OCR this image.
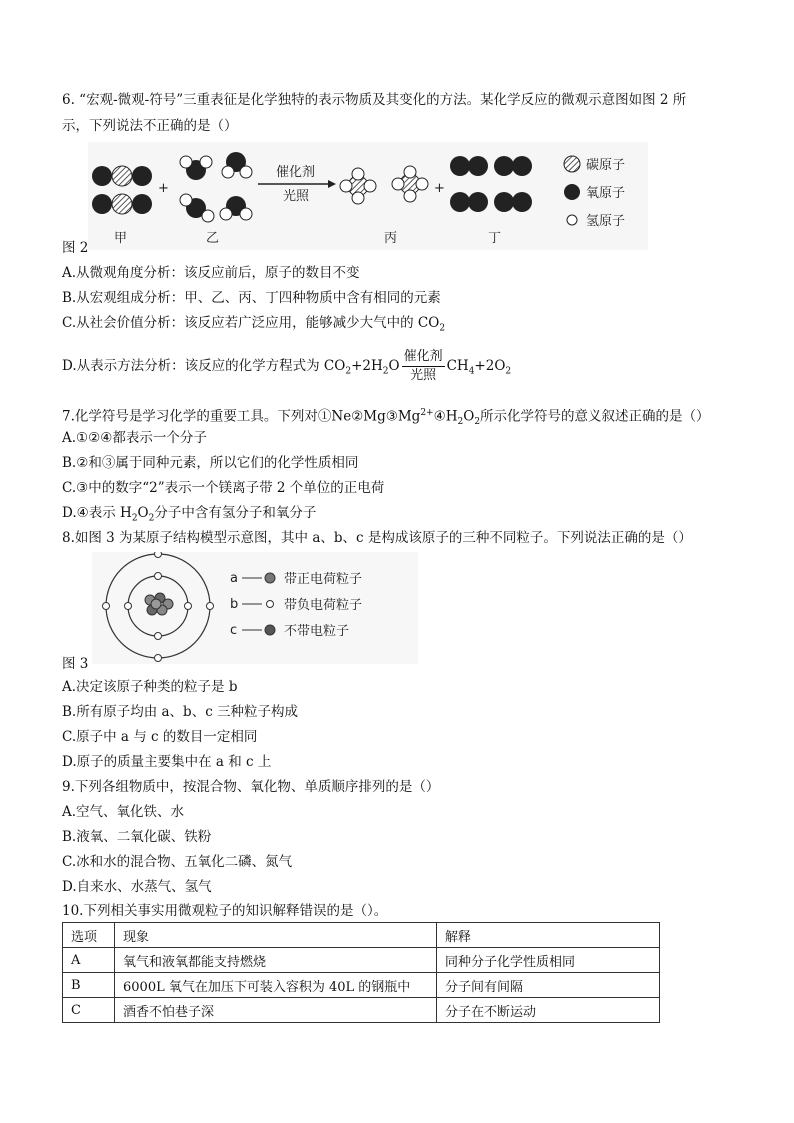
6. “宏观-微观-符号”三重表征是化学独特的表示物质及其变化的方法。某化学反应的微观示意图如图 2 所
示，下列说法不正确的是（）
+
催化剂
光照
+
碳原子
氧原子
氢原子
甲	乙	丙	丁
图 2
A.从微观角度分析：该反应前后，原子的数目不变
B.从宏观组成分析：甲、乙、丙、丁四种物质中含有相同的元素
C.从社会价值分析：该反应若广泛应用，能够减少大气中的 $CO_2$
D.从表示方法分析：该反应的化学方程式为 $CO_2+2H_2O$
催化剂
光照
$CH_4+2O_2$
7.化学符号是学习化学的重要工具。下列对$①Ne②Mg③Mg^{2+}④H_2O_2$所示化学符号的意义叙述正确的是（）
A.①②④都表示一个分子
B.②和③属于同种元素，所以它们的化学性质相同
C.③中的数字“2”表示一个镁离子带 2 个单位的正电荷
D.④表示 $H_2O_2$分子中含有氢分子和氧分子
8.如图 3 为某原子结构模型示意图，其中 a、b、c 是构成该原子的三种不同粒子。下列说法正确的是（）
a	带正电荷粒子
b	带负电荷粒子
c	不带电粒子
图 3
A.决定该原子种类的粒子是 b
B.所有原子均由 a、b、c 三种粒子构成
C.原子中 a 与 c 的数目一定相同
D.原子的质量主要集中在 a 和 c 上
9.下列各组物质中，按混合物、氧化物、单质顺序排列的是（）
A.空气、氧化铁、水
B.液氧、二氧化碳、铁粉
C.冰和水的混合物、五氧化二磷、氮气
D.自来水、水蒸气、氢气
10.下列相关事实用微观粒子的知识解释错误的是（）。
选项	现象	解释
A	氧气和液氧都能支持燃烧	同种分子化学性质相同
B	6000L 氧气在加压下可装入容积为 40L 的钢瓶中	分子间有间隔
C	酒香不怕巷子深	分子在不断运动
